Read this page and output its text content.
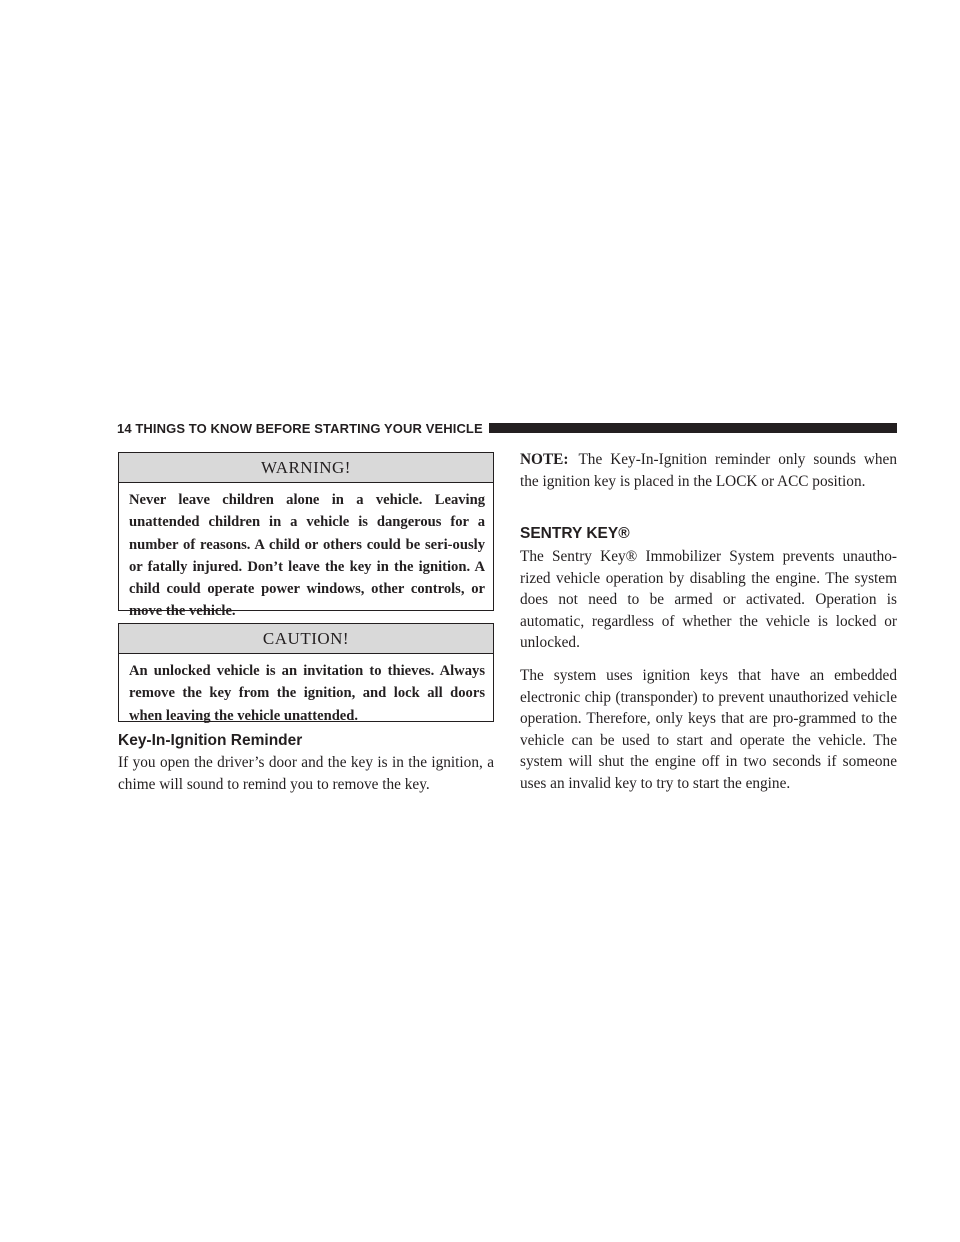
14 THINGS TO KNOW BEFORE STARTING YOUR VEHICLE
WARNING!
Never leave children alone in a vehicle. Leaving unattended children in a vehicle is dangerous for a number of reasons. A child or others could be seri-ously or fatally injured. Don’t leave the key in the ignition. A child could operate power windows, other controls, or move the vehicle.
CAUTION!
An unlocked vehicle is an invitation to thieves. Always remove the key from the ignition, and lock all doors when leaving the vehicle unattended.
Key-In-Ignition Reminder

If you open the driver’s door and the key is in the ignition, a chime will sound to remind you to remove the key.

NOTE: The Key-In-Ignition reminder only sounds when the ignition key is placed in the LOCK or ACC position.

SENTRY KEY®

The Sentry Key® Immobilizer System prevents unautho-rized vehicle operation by disabling the engine. The system does not need to be armed or activated. Operation is automatic, regardless of whether the vehicle is locked or unlocked.

The system uses ignition keys that have an embedded electronic chip (transponder) to prevent unauthorized vehicle operation. Therefore, only keys that are pro-grammed to the vehicle can be used to start and operate the vehicle. The system will shut the engine off in two seconds if someone uses an invalid key to try to start the engine.
